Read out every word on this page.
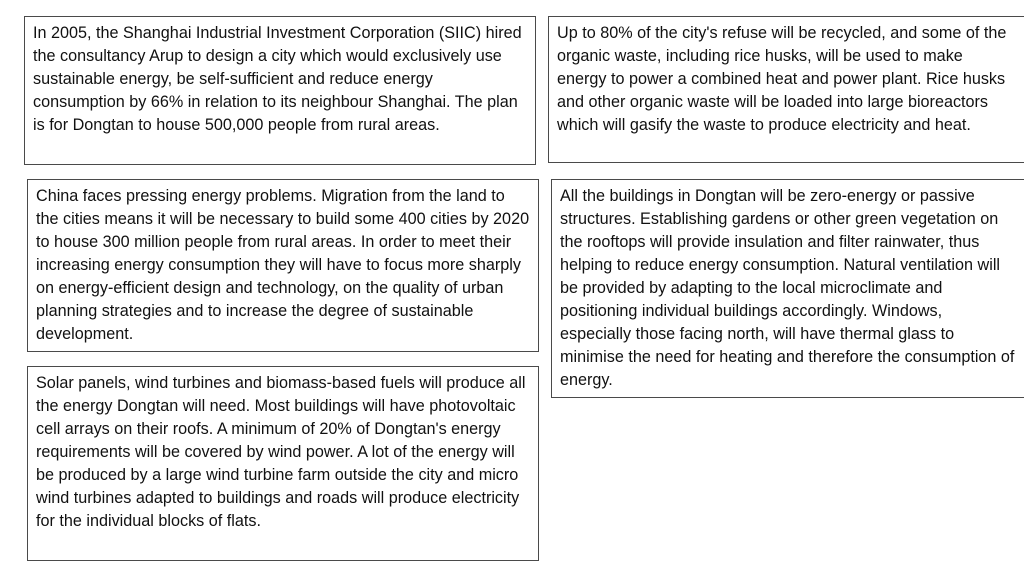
In 2005, the Shanghai Industrial Investment Corporation (SIIC) hired the consultancy Arup to design a city which would exclusively use sustainable energy, be self-sufficient and reduce energy consumption by 66% in relation to its neighbour Shanghai. The plan is for Dongtan to house 500,000 people from rural areas.
Up to 80% of the city's refuse will be recycled, and some of the organic waste, including rice husks, will be used to make energy to power a combined heat and power plant. Rice husks and other organic waste will be loaded into large bioreactors which will gasify the waste to produce electricity and heat.
China faces pressing energy problems. Migration from the land to the cities means it will be necessary to build some 400 cities by 2020 to house 300 million people from rural areas. In order to meet their increasing energy consumption they will have to focus more sharply on energy-efficient design and technology, on the quality of urban planning strategies and to increase the degree of sustainable development.
All the buildings in Dongtan will be zero-energy or passive structures. Establishing gardens or other green vegetation on the rooftops will provide insulation and filter rainwater, thus helping to reduce energy consumption. Natural ventilation will be provided by adapting to the local microclimate and positioning individual buildings accordingly. Windows, especially those facing north, will have thermal glass to minimise the need for heating and therefore the consumption of energy.
Solar panels, wind turbines and biomass-based fuels will produce all the energy Dongtan will need. Most buildings will have photovoltaic cell arrays on their roofs. A minimum of 20% of Dongtan's energy requirements will be covered by wind power. A lot of the energy will be produced by a large wind turbine farm outside the city and micro wind turbines adapted to buildings and roads will produce electricity for the individual blocks of flats.
